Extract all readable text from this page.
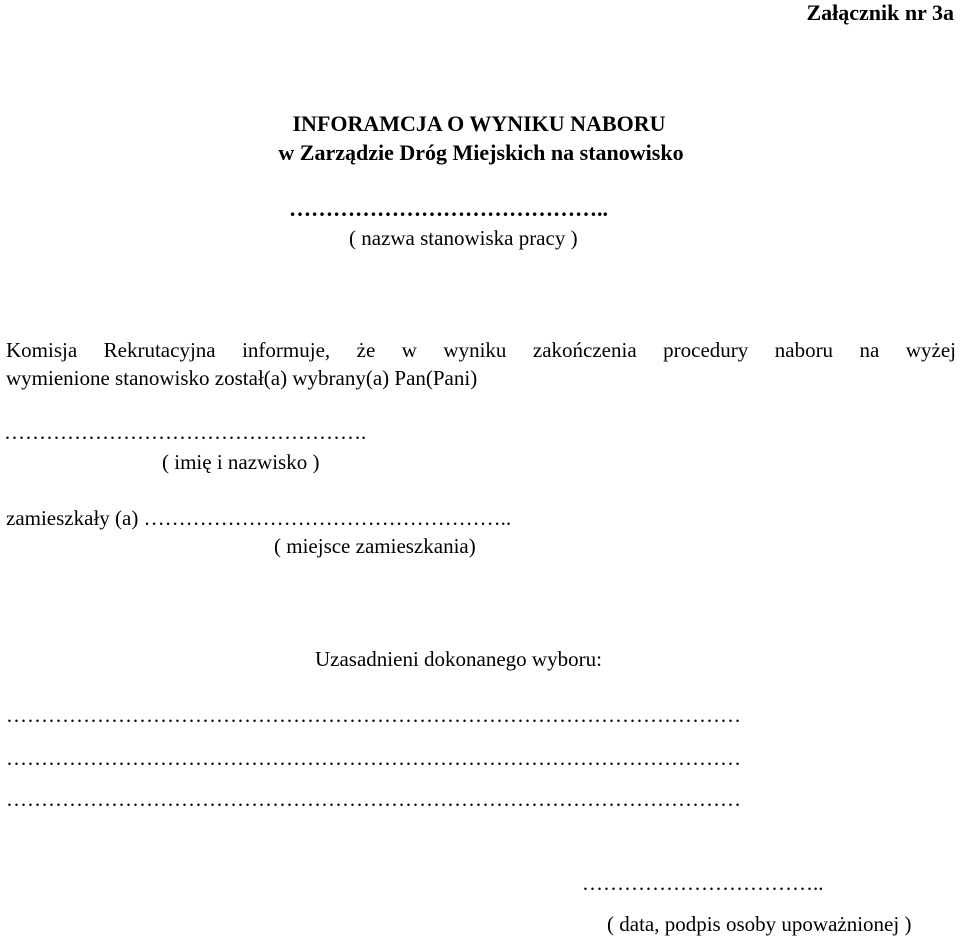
Załącznik nr 3a
INFORAMCJA O WYNIKU NABORU
w Zarządzie Dróg Miejskich na stanowisko
……………………………………..
( nazwa stanowiska pracy )
Komisja Rekrutacyjna informuje, że w wyniku zakończenia procedury naboru na wyżej
wymienione stanowisko został(a) wybrany(a) Pan(Pani)
…………………………………………….
( imię i nazwisko )
zamieszkały (a) ……………………………………………..
( miejsce zamieszkania)
Uzasadnieni dokonanego wyboru:
……………………………………………………………………………………………
……………………………………………………………………………………………
……………………………………………………………………………………………
……………………………..
( data, podpis osoby upoważnionej )
